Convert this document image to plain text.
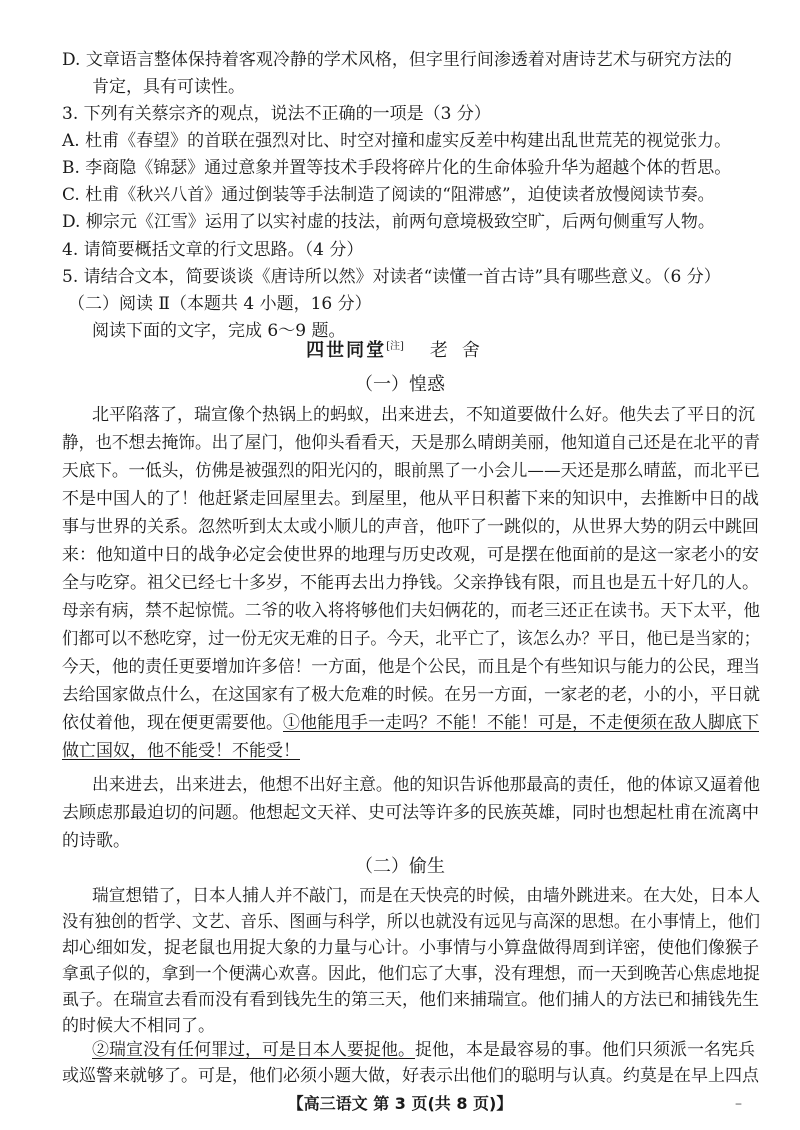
D. 文章语言整体保持着客观冷静的学术风格，但字里行间渗透着对唐诗艺术与研究方法的
肯定，具有可读性。
3. 下列有关蔡宗齐的观点，说法不正确的一项是（3 分）
A. 杜甫《春望》的首联在强烈对比、时空对撞和虚实反差中构建出乱世荒芜的视觉张力。
B. 李商隐《锦瑟》通过意象并置等技术手段将碎片化的生命体验升华为超越个体的哲思。
C. 杜甫《秋兴八首》通过倒装等手法制造了阅读的“阻滞感”，迫使读者放慢阅读节奏。
D. 柳宗元《江雪》运用了以实衬虚的技法，前两句意境极致空旷，后两句侧重写人物。
4. 请简要概括文章的行文思路。（4 分）
5. 请结合文本，简要谈谈《唐诗所以然》对读者“读懂一首古诗”具有哪些意义。（6 分）
（二）阅读 Ⅱ（本题共 4 小题，16 分）
阅读下面的文字，完成 6～9 题。
四世同堂[注] 老舍
（一）惶惑
北平陷落了，瑞宣像个热锅上的蚂蚁，出来进去，不知道要做什么好。他失去了平日的沉
静，也不想去掩饰。出了屋门，他仰头看看天，天是那么晴朗美丽，他知道自己还是在北平的青
天底下。一低头，仿佛是被强烈的阳光闪的，眼前黑了一小会儿——天还是那么晴蓝，而北平已
不是中国人的了！他赶紧走回屋里去。到屋里，他从平日积蓄下来的知识中，去推断中日的战
事与世界的关系。忽然听到太太或小顺儿的声音，他吓了一跳似的，从世界大势的阴云中跳回
来：他知道中日的战争必定会使世界的地理与历史改观，可是摆在他面前的是这一家老小的安
全与吃穿。祖父已经七十多岁，不能再去出力挣钱。父亲挣钱有限，而且也是五十好几的人。
母亲有病，禁不起惊慌。二爷的收入将将够他们夫妇俩花的，而老三还正在读书。天下太平，他
们都可以不愁吃穿，过一份无灾无难的日子。今天，北平亡了，该怎么办？平日，他已是当家的；
今天，他的责任更要增加许多倍！一方面，他是个公民，而且是个有些知识与能力的公民，理当
去给国家做点什么，在这国家有了极大危难的时候。在另一方面，一家老的老，小的小，平日就
依仗着他，现在便更需要他。①他能甩手一走吗？不能！不能！可是，不走便须在敌人脚底下
做亡国奴，他不能受！不能受！
出来进去，出来进去，他想不出好主意。他的知识告诉他那最高的责任，他的体谅又逼着他
去顾虑那最迫切的问题。他想起文天祥、史可法等许多的民族英雄，同时也想起杜甫在流离中
的诗歌。
（二）偷生
瑞宣想错了，日本人捕人并不敲门，而是在天快亮的时候，由墙外跳进来。在大处，日本人
没有独创的哲学、文艺、音乐、图画与科学，所以也就没有远见与高深的思想。在小事情上，他们
却心细如发，捉老鼠也用捉大象的力量与心计。小事情与小算盘做得周到详密，使他们像猴子
拿虱子似的，拿到一个便满心欢喜。因此，他们忘了大事，没有理想，而一天到晚苦心焦虑地捉
虱子。在瑞宣去看而没有看到钱先生的第三天，他们来捕瑞宣。他们捕人的方法已和捕钱先生
的时候大不相同了。
②瑞宣没有任何罪过，可是日本人要捉他。捉他，本是最容易的事。他们只须派一名宪兵
或巡警来就够了。可是，他们必须小题大做，好表示出他们的聪明与认真。约莫是在早上四点
【高三语文 第 3 页(共 8 页)】	–
